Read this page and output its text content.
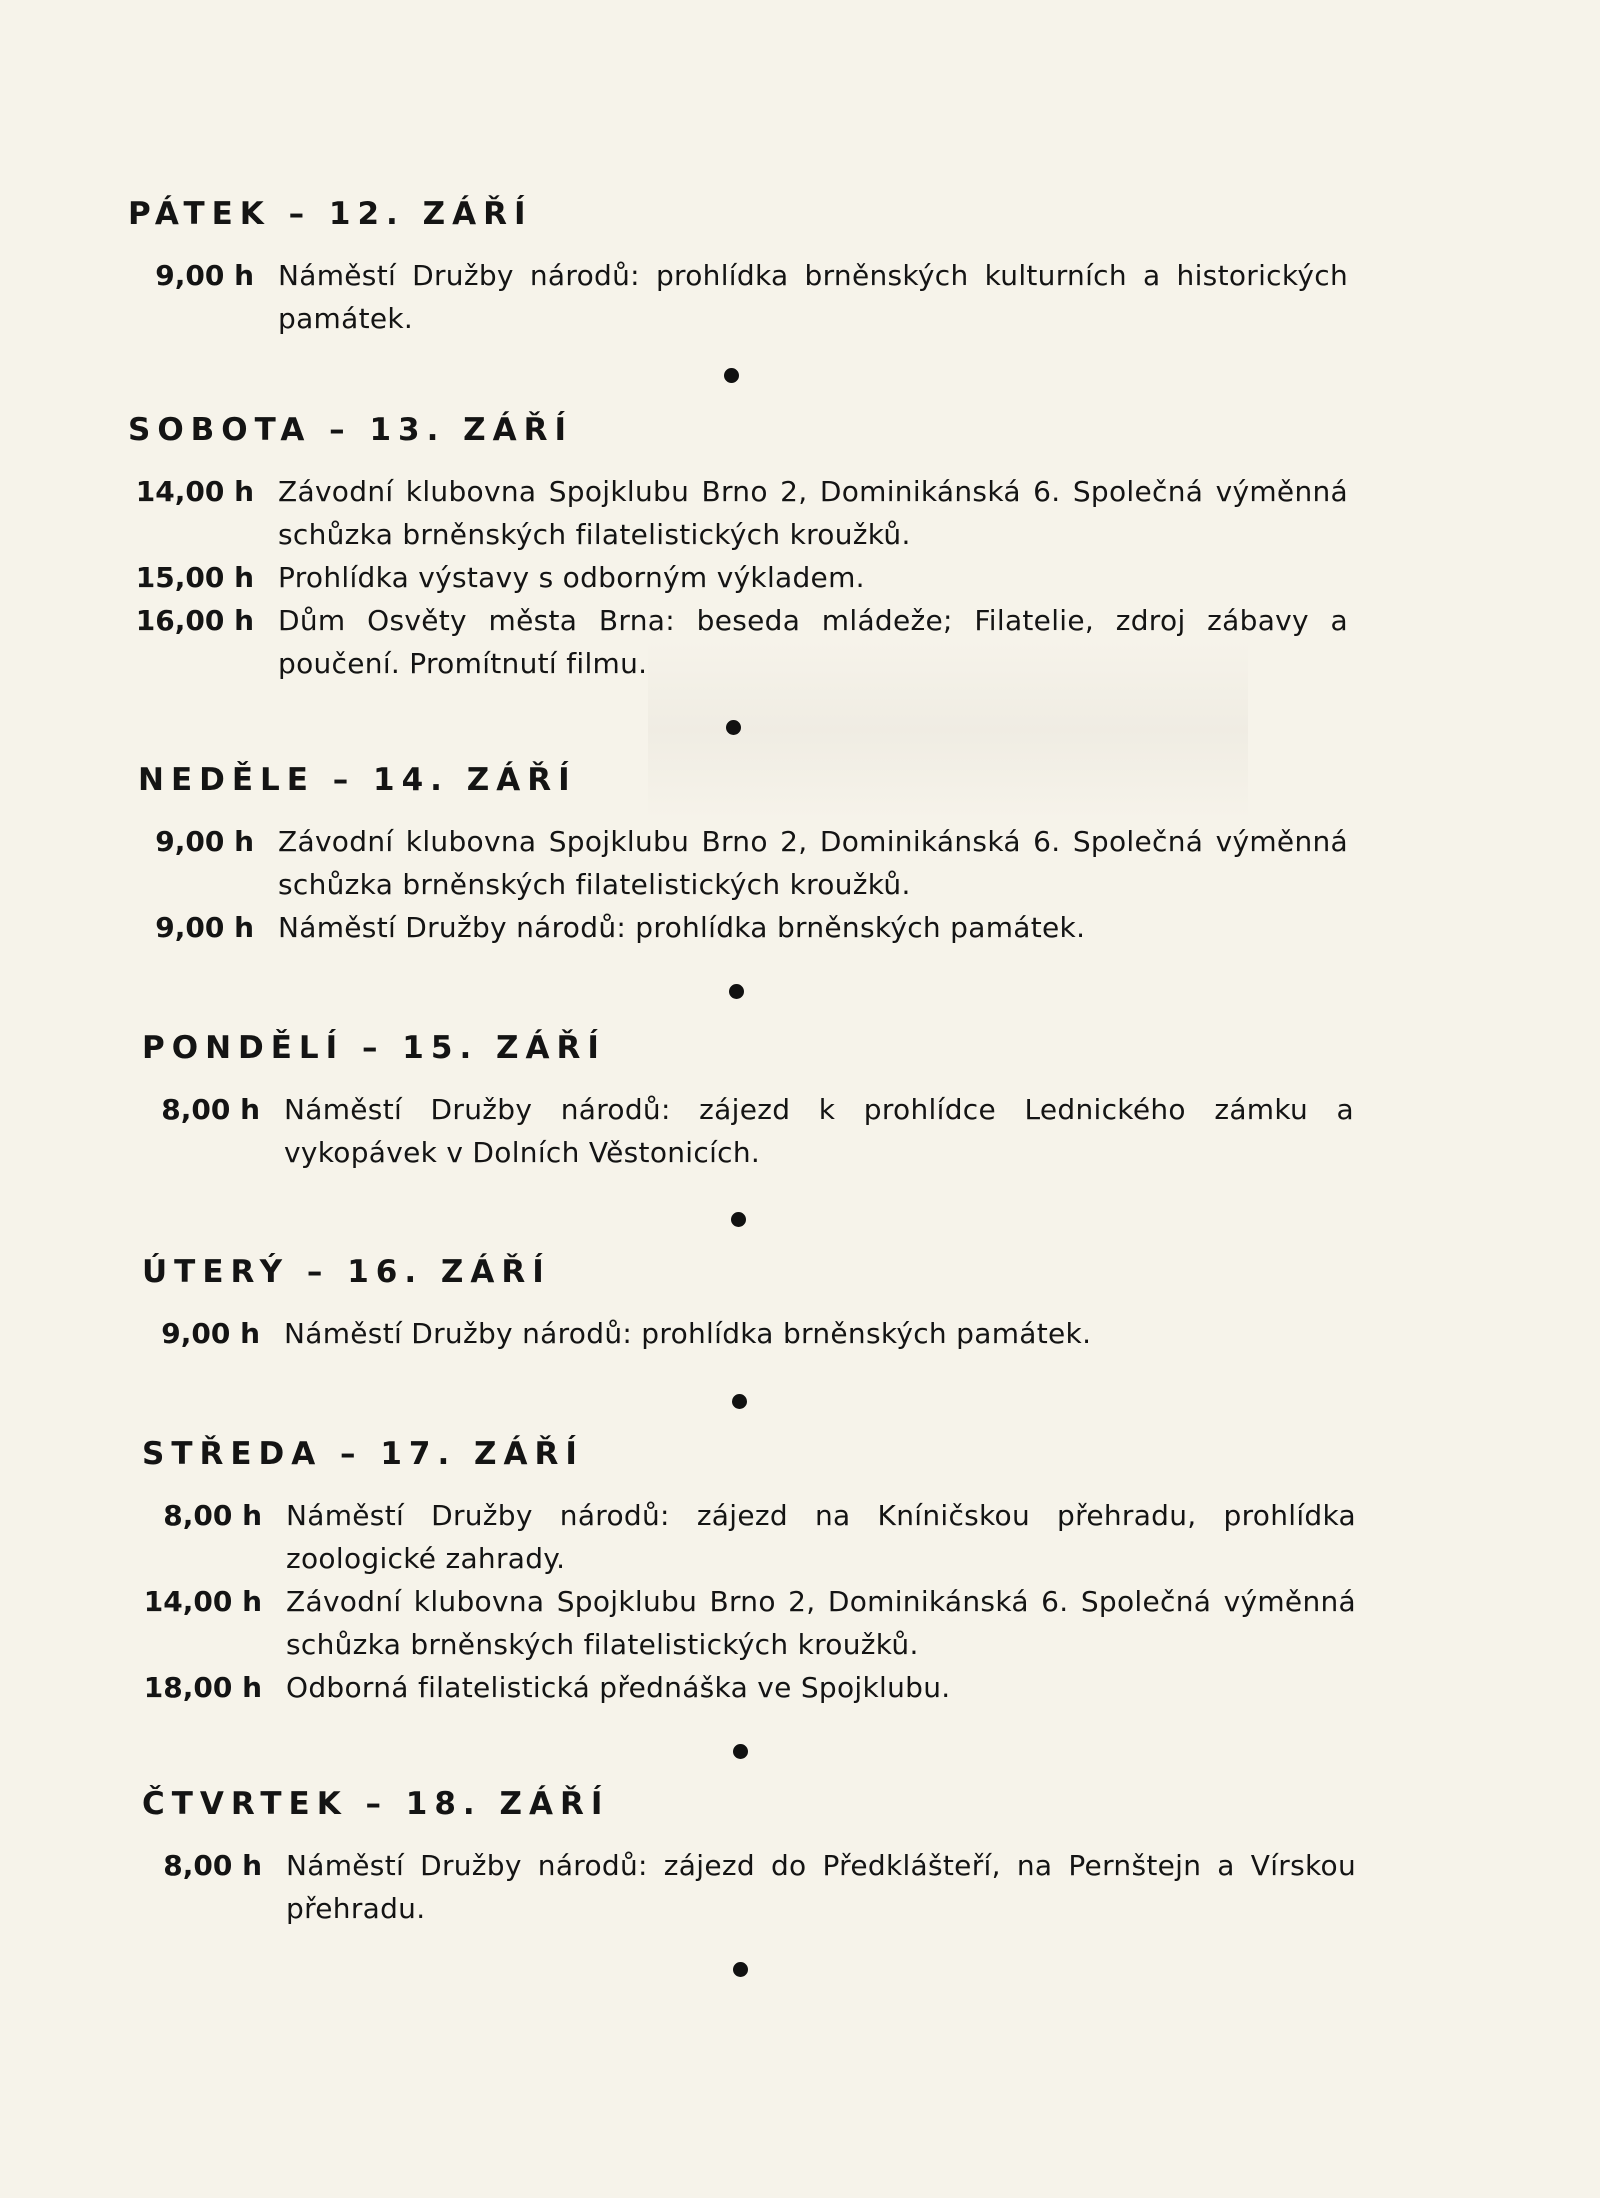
PÁTEK – 12. ZÁŘÍ
9,00 h Náměstí Družby národů: prohlídka brněnských kulturních a historických památek.
SOBOTA – 13. ZÁŘÍ
14,00 h Závodní klubovna Spojklubu Brno 2, Dominikánská 6. Společná výměnná schůzka brněnských filatelistických kroužků.
15,00 h Prohlídka výstavy s odborným výkladem.
16,00 h Dům Osvěty města Brna: beseda mládeže; Filatelie, zdroj zábavy a poučení. Promítnutí filmu.
NEDĚLE – 14. ZÁŘÍ
9,00 h Závodní klubovna Spojklubu Brno 2, Dominikánská 6. Společná výměnná schůzka brněnských filatelistických kroužků.
9,00 h Náměstí Družby národů: prohlídka brněnských památek.
PONDĚLÍ – 15. ZÁŘÍ
8,00 h Náměstí Družby národů: zájezd k prohlídce Lednického zámku a vykopávek v Dolních Věstonicích.
ÚTERÝ – 16. ZÁŘÍ
9,00 h Náměstí Družby národů: prohlídka brněnských památek.
STŘEDA – 17. ZÁŘÍ
8,00 h Náměstí Družby národů: zájezd na Kníničskou přehradu, prohlídka zoologické zahrady.
14,00 h Závodní klubovna Spojklubu Brno 2, Dominikánská 6. Společná výměnná schůzka brněnských filatelistických kroužků.
18,00 h Odborná filatelistická přednáška ve Spojklubu.
ČTVRTEK – 18. ZÁŘÍ
8,00 h Náměstí Družby národů: zájezd do Předklášteří, na Pernštejn a Vírskou přehradu.
